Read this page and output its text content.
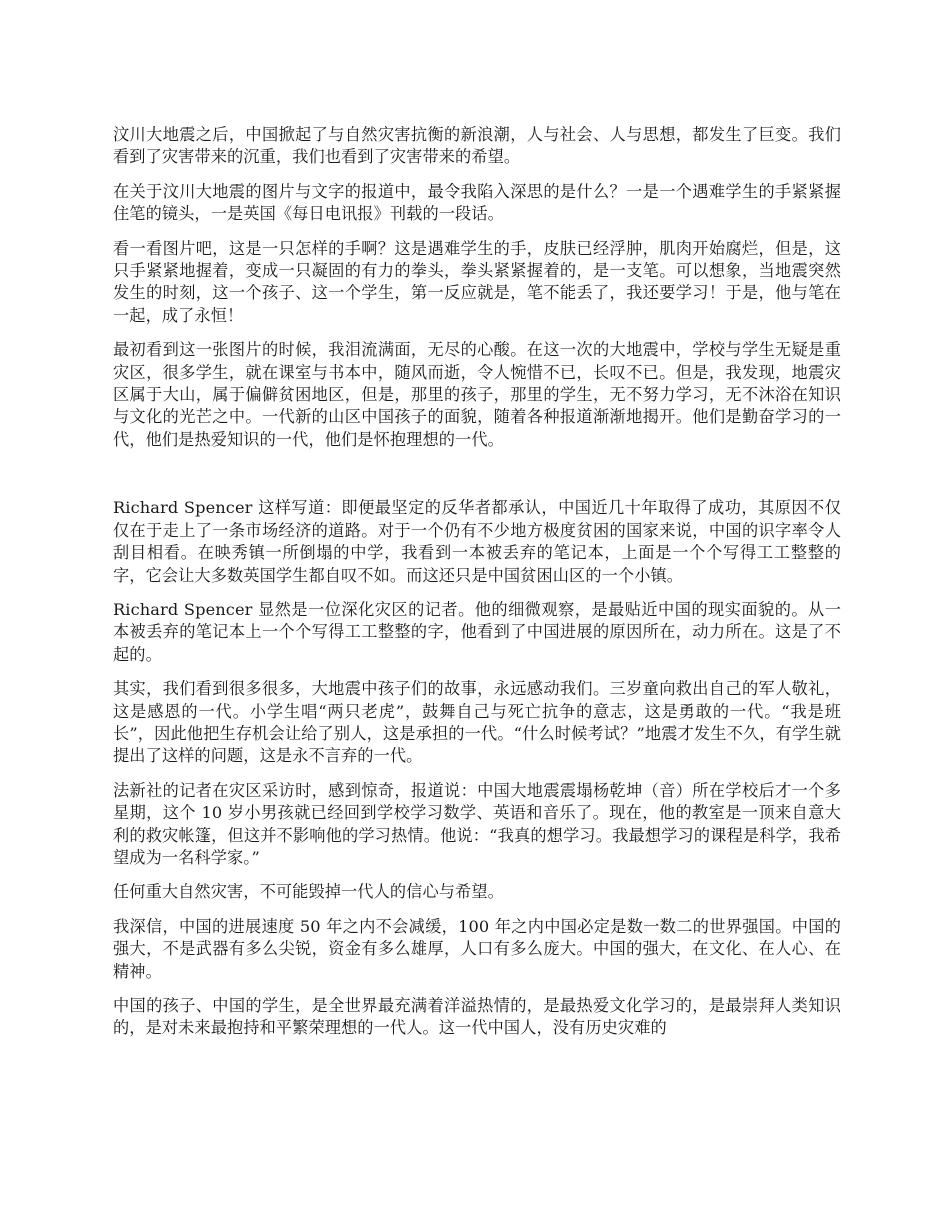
汶川大地震之后，中国掀起了与自然灾害抗衡的新浪潮，人与社会、人与思想，都发生了巨变。我们看到了灾害带来的沉重，我们也看到了灾害带来的希望。

在关于汶川大地震的图片与文字的报道中，最令我陷入深思的是什么？一是一个遇难学生的手紧紧握住笔的镜头，一是英国《每日电讯报》刊载的一段话。

看一看图片吧，这是一只怎样的手啊？这是遇难学生的手，皮肤已经浮肿，肌肉开始腐烂，但是，这只手紧紧地握着，变成一只凝固的有力的拳头，拳头紧紧握着的，是一支笔。可以想象，当地震突然发生的时刻，这一个孩子、这一个学生，第一反应就是，笔不能丢了，我还要学习！于是，他与笔在一起，成了永恒！

最初看到这一张图片的时候，我泪流满面，无尽的心酸。在这一次的大地震中，学校与学生无疑是重灾区，很多学生，就在课室与书本中，随风而逝，令人惋惜不已，长叹不已。但是，我发现，地震灾区属于大山，属于偏僻贫困地区，但是，那里的孩子，那里的学生，无不努力学习，无不沐浴在知识与文化的光芒之中。一代新的山区中国孩子的面貌，随着各种报道渐渐地揭开。他们是勤奋学习的一代，他们是热爱知识的一代，他们是怀抱理想的一代。

Richard Spencer 这样写道：即便最坚定的反华者都承认，中国近几十年取得了成功，其原因不仅仅在于走上了一条市场经济的道路。对于一个仍有不少地方极度贫困的国家来说，中国的识字率令人刮目相看。在映秀镇一所倒塌的中学，我看到一本被丢弃的笔记本，上面是一个个写得工工整整的字，它会让大多数英国学生都自叹不如。而这还只是中国贫困山区的一个小镇。

Richard Spencer 显然是一位深化灾区的记者。他的细微观察，是最贴近中国的现实面貌的。从一本被丢弃的笔记本上一个个写得工工整整的字，他看到了中国进展的原因所在，动力所在。这是了不起的。

其实，我们看到很多很多，大地震中孩子们的故事，永远感动我们。三岁童向救出自己的军人敬礼，这是感恩的一代。小学生唱“两只老虎”，鼓舞自己与死亡抗争的意志，这是勇敢的一代。“我是班长”，因此他把生存机会让给了别人，这是承担的一代。“什么时候考试？”地震才发生不久，有学生就提出了这样的问题，这是永不言弃的一代。

法新社的记者在灾区采访时，感到惊奇，报道说：中国大地震震塌杨乾坤（音）所在学校后才一个多星期，这个 10 岁小男孩就已经回到学校学习数学、英语和音乐了。现在，他的教室是一顶来自意大利的救灾帐篷，但这并不影响他的学习热情。他说：“我真的想学习。我最想学习的课程是科学，我希望成为一名科学家。”

任何重大自然灾害，不可能毁掉一代人的信心与希望。

我深信，中国的进展速度 50 年之内不会减缓，100 年之内中国必定是数一数二的世界强国。中国的强大，不是武器有多么尖锐，资金有多么雄厚，人口有多么庞大。中国的强大，在文化、在人心、在精神。

中国的孩子、中国的学生，是全世界最充满着洋溢热情的，是最热爱文化学习的，是最崇拜人类知识的，是对未来最抱持和平繁荣理想的一代人。这一代中国人，没有历史灾难的
